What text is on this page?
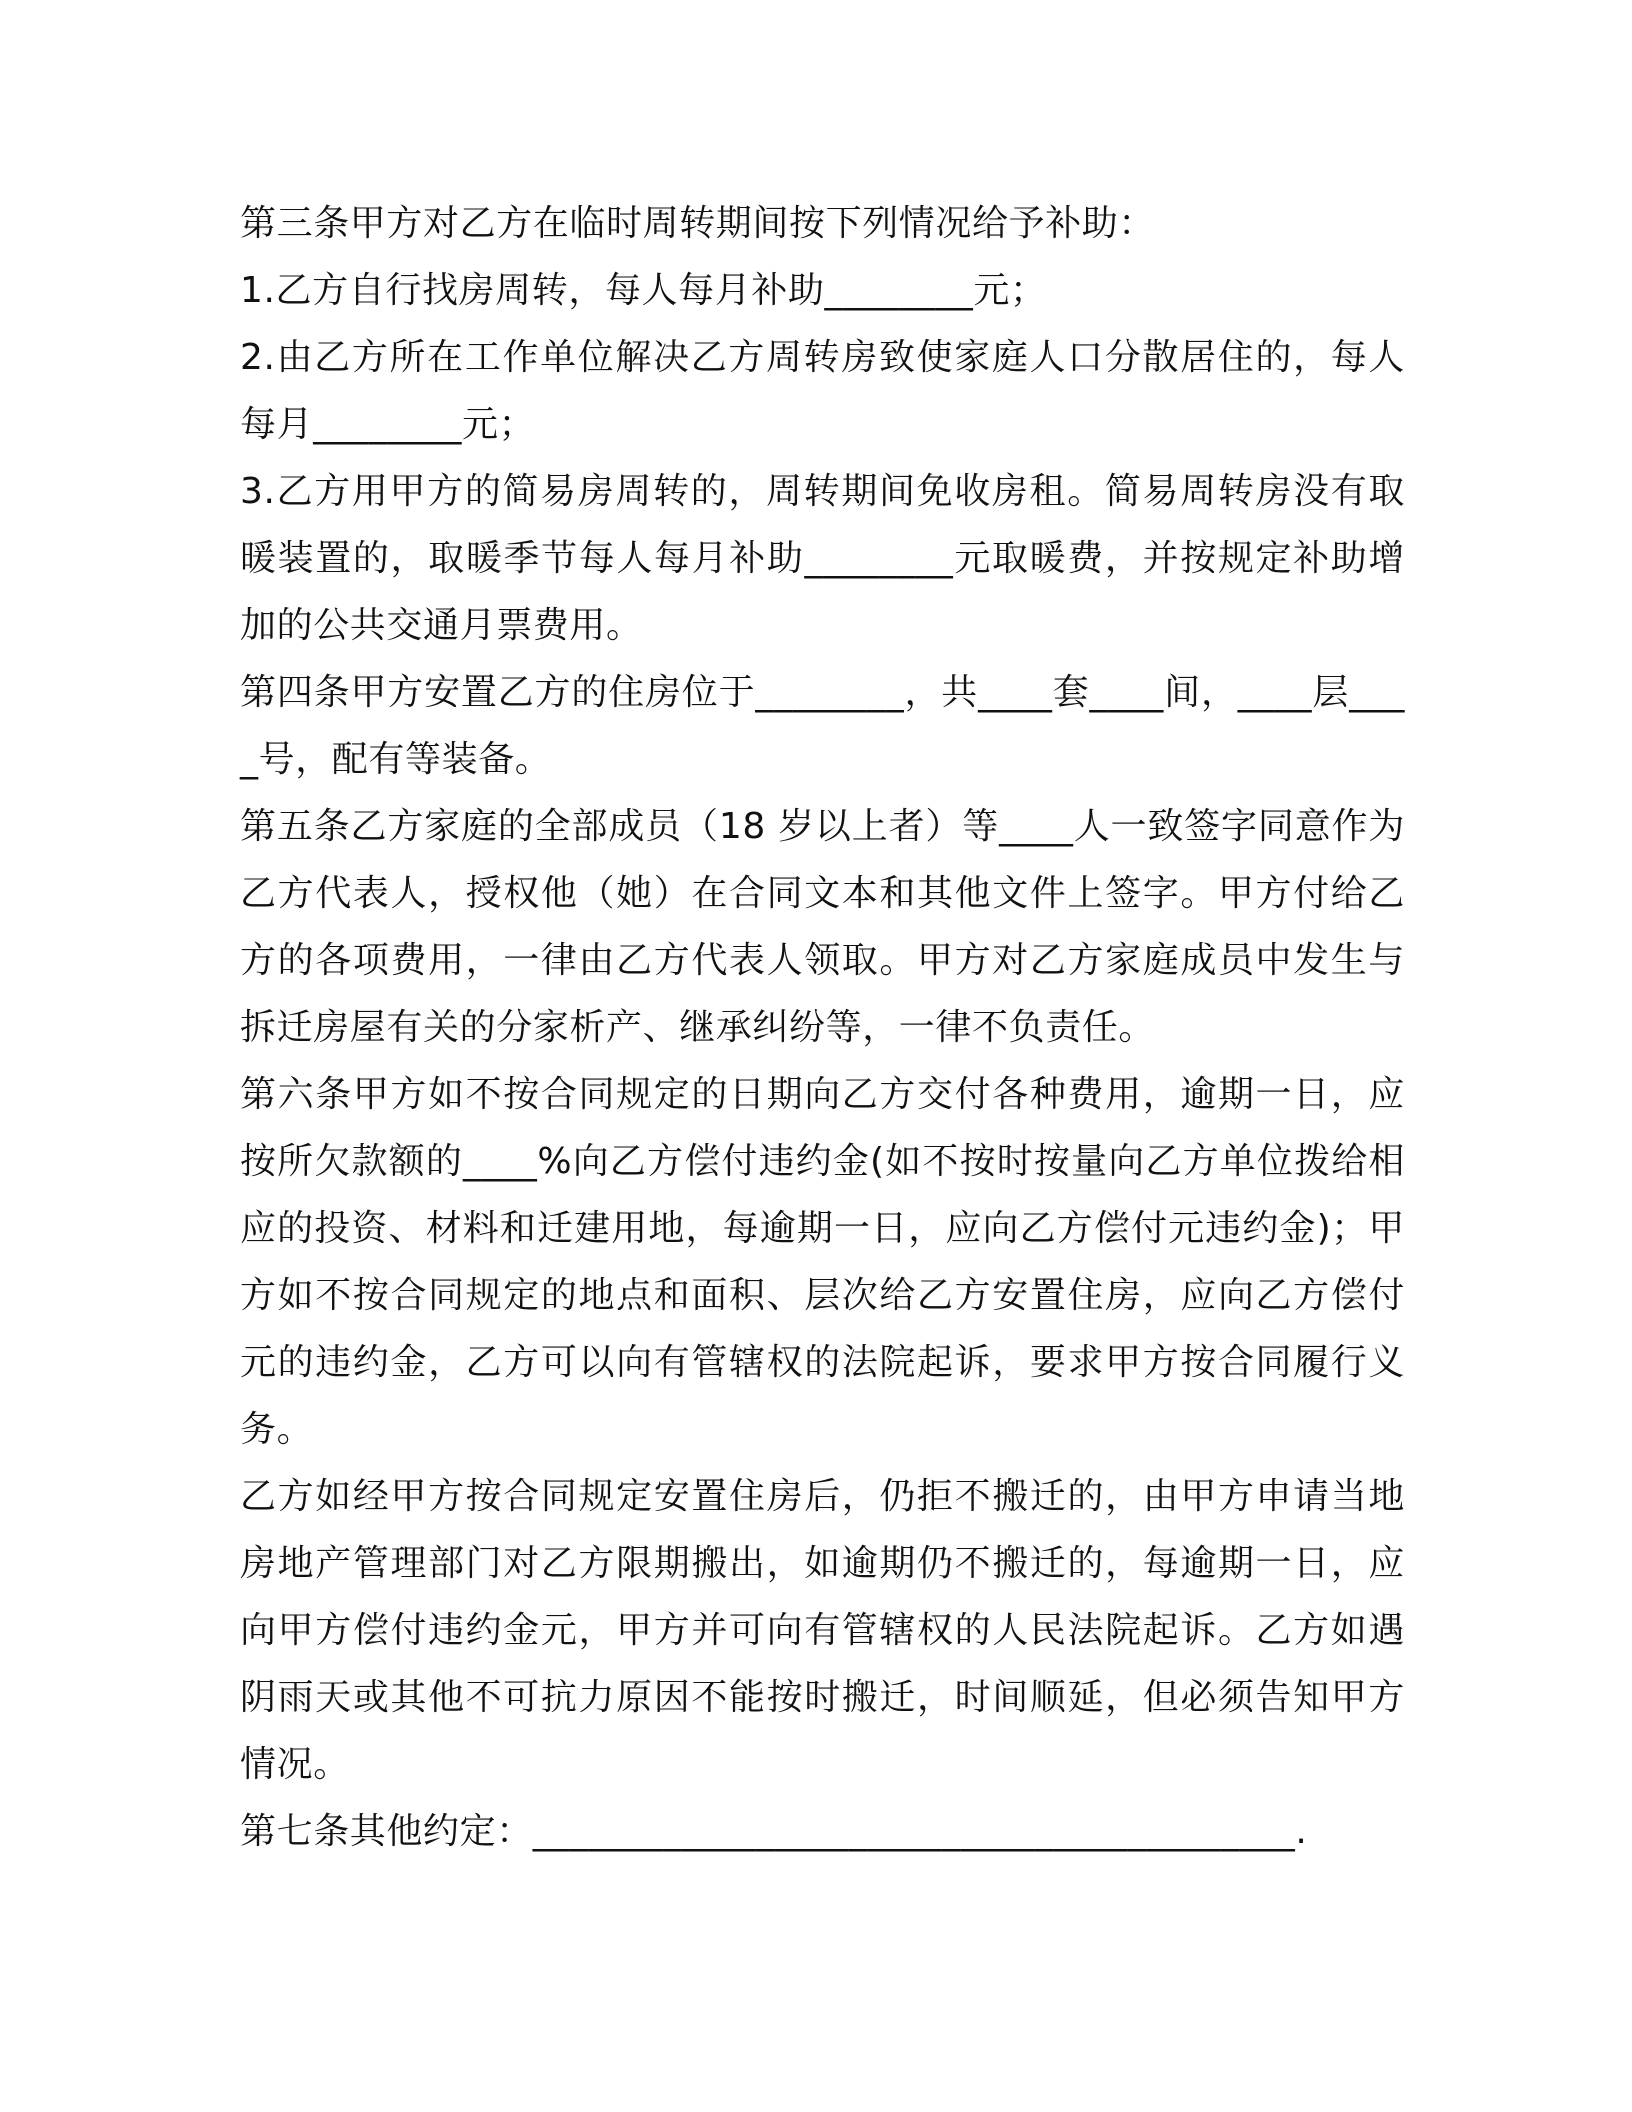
第三条甲方对乙方在临时周转期间按下列情况给予补助：

1.乙方自行找房周转，每人每月补助________元；

2.由乙方所在工作单位解决乙方周转房致使家庭人口分散居住的，每人每月________元；

3.乙方用甲方的简易房周转的，周转期间免收房租。简易周转房没有取暖装置的，取暖季节每人每月补助________元取暖费，并按规定补助增加的公共交通月票费用。

第四条甲方安置乙方的住房位于________，共____套____间，____层____号，配有等装备。

第五条乙方家庭的全部成员（18 岁以上者）等____人一致签字同意作为乙方代表人，授权他（她）在合同文本和其他文件上签字。甲方付给乙方的各项费用，一律由乙方代表人领取。甲方对乙方家庭成员中发生与拆迁房屋有关的分家析产、继承纠纷等，一律不负责任。

第六条甲方如不按合同规定的日期向乙方交付各种费用，逾期一日，应按所欠款额的____%向乙方偿付违约金(如不按时按量向乙方单位拨给相应的投资、材料和迁建用地，每逾期一日，应向乙方偿付元违约金)；甲方如不按合同规定的地点和面积、层次给乙方安置住房，应向乙方偿付元的违约金，乙方可以向有管辖权的法院起诉，要求甲方按合同履行义务。

乙方如经甲方按合同规定安置住房后，仍拒不搬迁的，由甲方申请当地房地产管理部门对乙方限期搬出，如逾期仍不搬迁的，每逾期一日，应向甲方偿付违约金元，甲方并可向有管辖权的人民法院起诉。乙方如遇阴雨天或其他不可抗力原因不能按时搬迁，时间顺延，但必须告知甲方情况。

第七条其他约定：_________________________________________.
